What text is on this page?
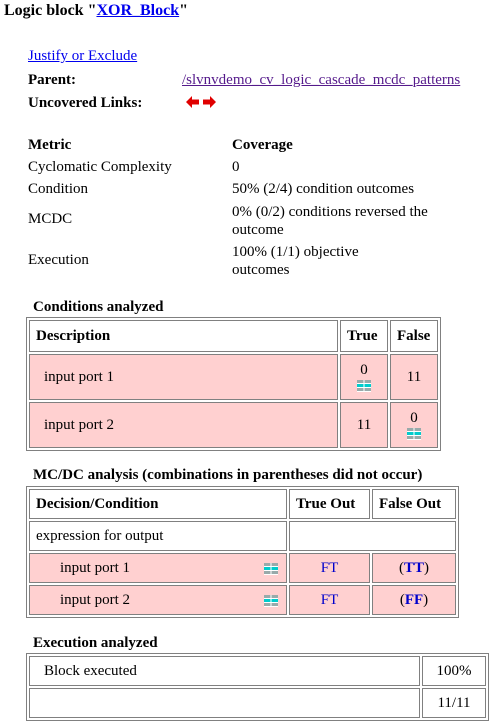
Logic block "XOR_Block"
Justify or Exclude
Parent:	/slvnvdemo_cv_logic_cascade_mcdc_patterns
Uncovered Links:
Metric	Coverage
Cyclomatic Complexity	0
Condition	50% (2/4) condition outcomes
MCDC	0% (0/2) conditions reversed the outcome
Execution	100% (1/1) objective outcomes
Conditions analyzed
Description	True	False
input port 1	0	11
input port 2	11	0
MC/DC analysis (combinations in parentheses did not occur)
Decision/Condition	True Out	False Out
expression for output		
input port 1	FT	(TT)
input port 2	FT	(FF)
Execution analyzed
Block executed	100%
	11/11
